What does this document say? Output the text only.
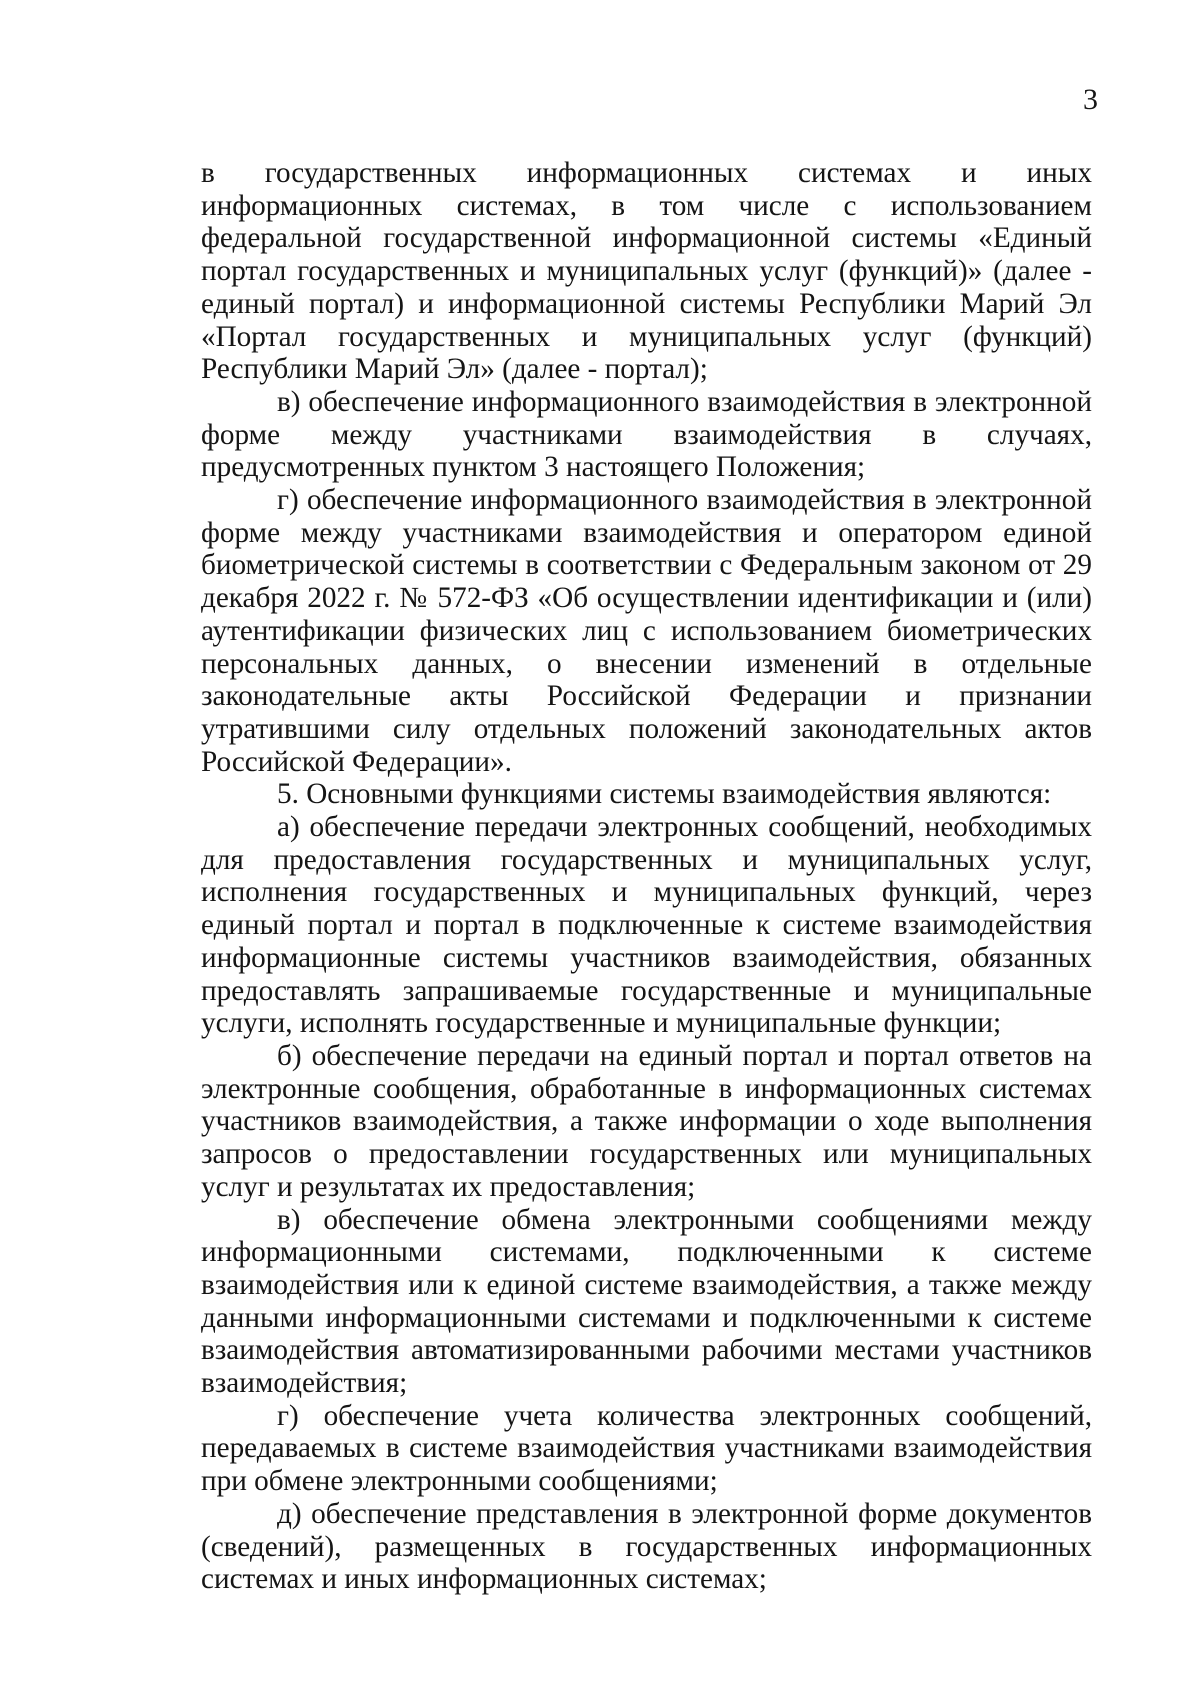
3

в государственных информационных системах и иных информационных системах, в том числе с использованием федеральной государственной информационной системы «Единый портал государственных и муниципальных услуг (функций)» (далее - единый портал) и информационной системы Республики Марий Эл «Портал государственных и муниципальных услуг (функций) Республики Марий Эл» (далее - портал);

в) обеспечение информационного взаимодействия в электронной форме между участниками взаимодействия в случаях, предусмотренных пунктом 3 настоящего Положения;

г) обеспечение информационного взаимодействия в электронной форме между участниками взаимодействия и оператором единой биометрической системы в соответствии с Федеральным законом от 29 декабря 2022 г. № 572-ФЗ «Об осуществлении идентификации и (или) аутентификации физических лиц с использованием биометрических персональных данных, о внесении изменений в отдельные законодательные акты Российской Федерации и признании утратившими силу отдельных положений законодательных актов Российской Федерации».

5. Основными функциями системы взаимодействия являются:

а) обеспечение передачи электронных сообщений, необходимых для предоставления государственных и муниципальных услуг, исполнения государственных и муниципальных функций, через единый портал и портал в подключенные к системе взаимодействия информационные системы участников взаимодействия, обязанных предоставлять запрашиваемые государственные и муниципальные услуги, исполнять государственные и муниципальные функции;

б) обеспечение передачи на единый портал и портал ответов на электронные сообщения, обработанные в информационных системах участников взаимодействия, а также информации о ходе выполнения запросов о предоставлении государственных или муниципальных услуг и результатах их предоставления;

в) обеспечение обмена электронными сообщениями между информационными системами, подключенными к системе взаимодействия или к единой системе взаимодействия, а также между данными информационными системами и подключенными к системе взаимодействия автоматизированными рабочими местами участников взаимодействия;

г) обеспечение учета количества электронных сообщений, передаваемых в системе взаимодействия участниками взаимодействия при обмене электронными сообщениями;

д) обеспечение представления в электронной форме документов (сведений), размещенных в государственных информационных системах и иных информационных системах;
